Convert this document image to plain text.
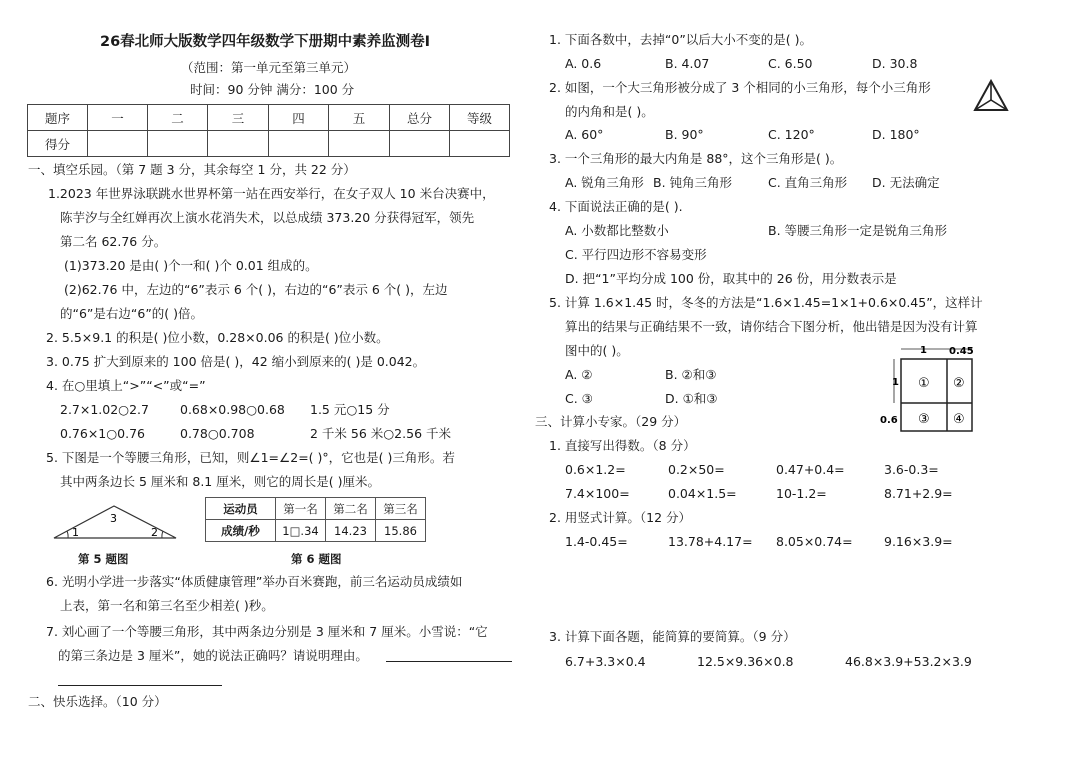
26春北师大版数学四年级数学下册期中素养监测卷Ⅰ
（范围：第一单元至第三单元）
时间：90 分钟 满分：100 分
题序	一	二	三	四	五	总分	等级
得分							
一、填空乐园。（第 7 题 3 分，其余每空 1 分，共 22 分）
1.2023 年世界泳联跳水世界杯第一站在西安举行，在女子双人 10 米台决赛中，
陈芋汐与全红婵再次上演水花消失术，以总成绩 373.20 分获得冠军，领先
第二名 62.76 分。
(1)373.20 是由( )个一和( )个 0.01 组成的。
(2)62.76 中，左边的“6”表示 6 个( )，右边的“6”表示 6 个( )，左边
的“6”是右边“6”的( )倍。
2. 5.5×9.1 的积是( )位小数，0.28×0.06 的积是( )位小数。
3. 0.75 扩大到原来的 100 倍是( )，42 缩小到原来的( )是 0.042。
4. 在○里填上“>”“<”或“=”
2.7×1.02○2.7 0.68×0.98○0.68 1.5 元○15 分
0.76×1○0.76	0.78○0.708	2 千米 56 米○2.56 千米
5. 下图是一个等腰三角形，已知，则∠1=∠2=( )°，它也是( )三角形。若
其中两条边长 5 厘米和 8.1 厘米，则它的周长是( )厘米。
1
3
2
第 5 题图
运动员	第一名	第二名	第三名
成绩/秒	1□.34	14.23	15.86
第 6 题图
6. 光明小学进一步落实“体质健康管理”举办百米赛跑，前三名运动员成绩如
上表，第一名和第三名至少相差( )秒。
7. 刘心画了一个等腰三角形，其中两条边分别是 3 厘米和 7 厘米。小雪说：“它
的第三条边是 3 厘米”，她的说法正确吗？请说明理由。
二、快乐选择。（10 分）
1. 下面各数中，去掉“0”以后大小不变的是( )。
A. 0.6	B. 4.07	C. 6.50	D. 30.8
2. 如图，一个大三角形被分成了 3 个相同的小三角形，每个小三角形
的内角和是( )。
A. 60°	B. 90°	C. 120°	D. 180°
3. 一个三角形的最大内角是 88°，这个三角形是( )。
A. 锐角三角形 B. 钝角三角形	C. 直角三角形 D. 无法确定
4. 下面说法正确的是( ).
A. 小数都比整数小	B. 等腰三角形一定是锐角三角形
C. 平行四边形不容易变形
D. 把“1”平均分成 100 份，取其中的 26 份，用分数表示是
5. 计算 1.6×1.45 时，冬冬的方法是“1.6×1.45=1×1+0.6×0.45”，这样计
算出的结果与正确结果不一致，请你结合下图分析，他出错是因为没有计算
图中的( )。
A. ②	B. ②和③
C. ③	D. ①和③
1 0.45
1
0.6
① ②
③ ④
三、计算小专家。（29 分）
1. 直接写出得数。（8 分）
0.6×1.2=	0.2×50=	0.47+0.4=	3.6-0.3=
7.4×100=	0.04×1.5=	10-1.2=	8.71+2.9=
2. 用竖式计算。（12 分）
1.4-0.45=	13.78+4.17= 8.05×0.74=	9.16×3.9=
3. 计算下面各题，能简算的要简算。（9 分）
6.7+3.3×0.4	12.5×9.36×0.8	46.8×3.9+53.2×3.9
